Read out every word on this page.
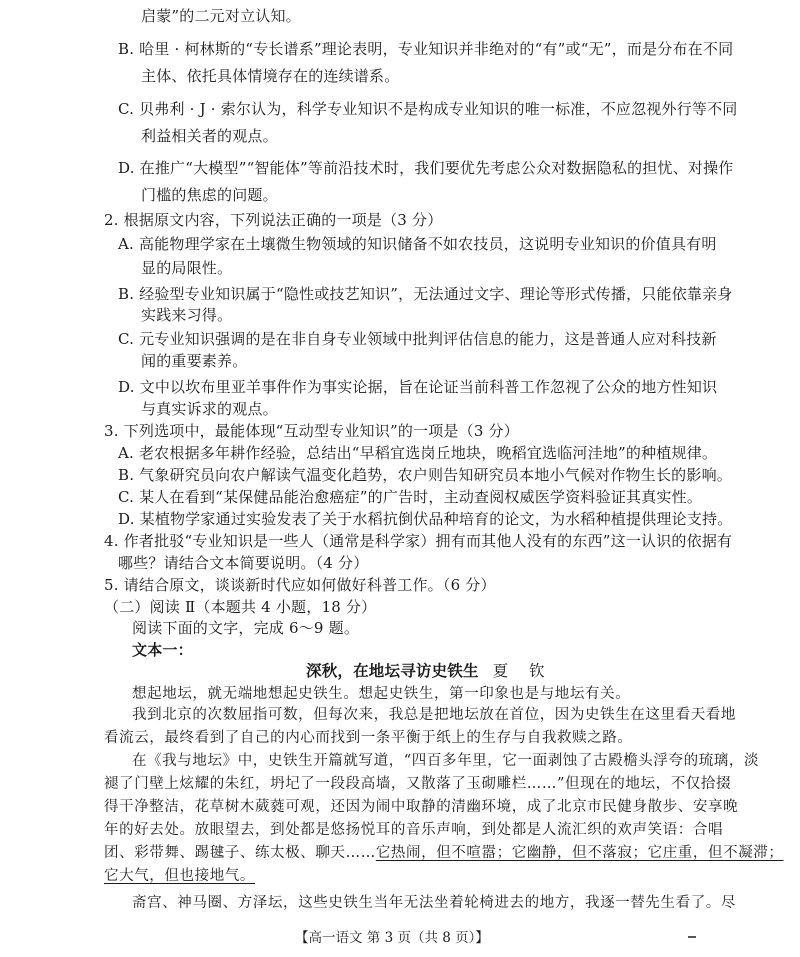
启蒙”的二元对立认知。
B. 哈里 · 柯林斯的“专长谱系”理论表明，专业知识并非绝对的“有”或“无”，而是分布在不同
主体、依托具体情境存在的连续谱系。
C. 贝弗利 · J · 索尔认为，科学专业知识不是构成专业知识的唯一标准，不应忽视外行等不同
利益相关者的观点。
D. 在推广“大模型”“智能体”等前沿技术时，我们要优先考虑公众对数据隐私的担忧、对操作
门槛的焦虑的问题。
2. 根据原文内容，下列说法正确的一项是（3 分）
A. 高能物理学家在土壤微生物领域的知识储备不如农技员，这说明专业知识的价值具有明
显的局限性。
B. 经验型专业知识属于“隐性或技艺知识”，无法通过文字、理论等形式传播，只能依靠亲身
实践来习得。
C. 元专业知识强调的是在非自身专业领域中批判评估信息的能力，这是普通人应对科技新
闻的重要素养。
D. 文中以坎布里亚羊事件作为事实论据，旨在论证当前科普工作忽视了公众的地方性知识
与真实诉求的观点。
3. 下列选项中，最能体现“互动型专业知识”的一项是（3 分）
A. 老农根据多年耕作经验，总结出“早稻宜选岗丘地块，晚稻宜选临河洼地”的种植规律。
B. 气象研究员向农户解读气温变化趋势，农户则告知研究员本地小气候对作物生长的影响。
C. 某人在看到“某保健品能治愈癌症”的广告时，主动查阅权威医学资料验证其真实性。
D. 某植物学家通过实验发表了关于水稻抗倒伏品种培育的论文，为水稻种植提供理论支持。
4. 作者批驳“专业知识是一些人（通常是科学家）拥有而其他人没有的东西”这一认识的依据有
哪些？请结合文本简要说明。（4 分）
5. 请结合原文，谈谈新时代应如何做好科普工作。（6 分）
（二）阅读 Ⅱ（本题共 4 小题，18 分）
阅读下面的文字，完成 6～9 题。
文本一：
深秋，在地坛寻访史铁生 夏 钦
想起地坛，就无端地想起史铁生。想起史铁生，第一印象也是与地坛有关。
我到北京的次数屈指可数，但每次来，我总是把地坛放在首位，因为史铁生在这里看天看地
看流云，最终看到了自己的内心而找到一条平衡于纸上的生存与自我救赎之路。
在《我与地坛》中，史铁生开篇就写道，“四百多年里，它一面剥蚀了古殿檐头浮夸的琉璃，淡
褪了门壁上炫耀的朱红，坍圮了一段段高墙，又散落了玉砌雕栏……”但现在的地坛，不仅拾掇
得干净整洁，花草树木葳蕤可观，还因为闹中取静的清幽环境，成了北京市民健身散步、安享晚
年的好去处。放眼望去，到处都是悠扬悦耳的音乐声响，到处都是人流汇织的欢声笑语：合唱
团、彩带舞、踢毽子、练太极、聊天……它热闹，但不喧嚣；它幽静，但不落寂；它庄重，但不凝滞；
它大气，但也接地气。
【高一语文 第 3 页（共 8 页）】
斋宫、神马圈、方泽坛，这些史铁生当年无法坐着轮椅进去的地方，我逐一替先生看了。尽
